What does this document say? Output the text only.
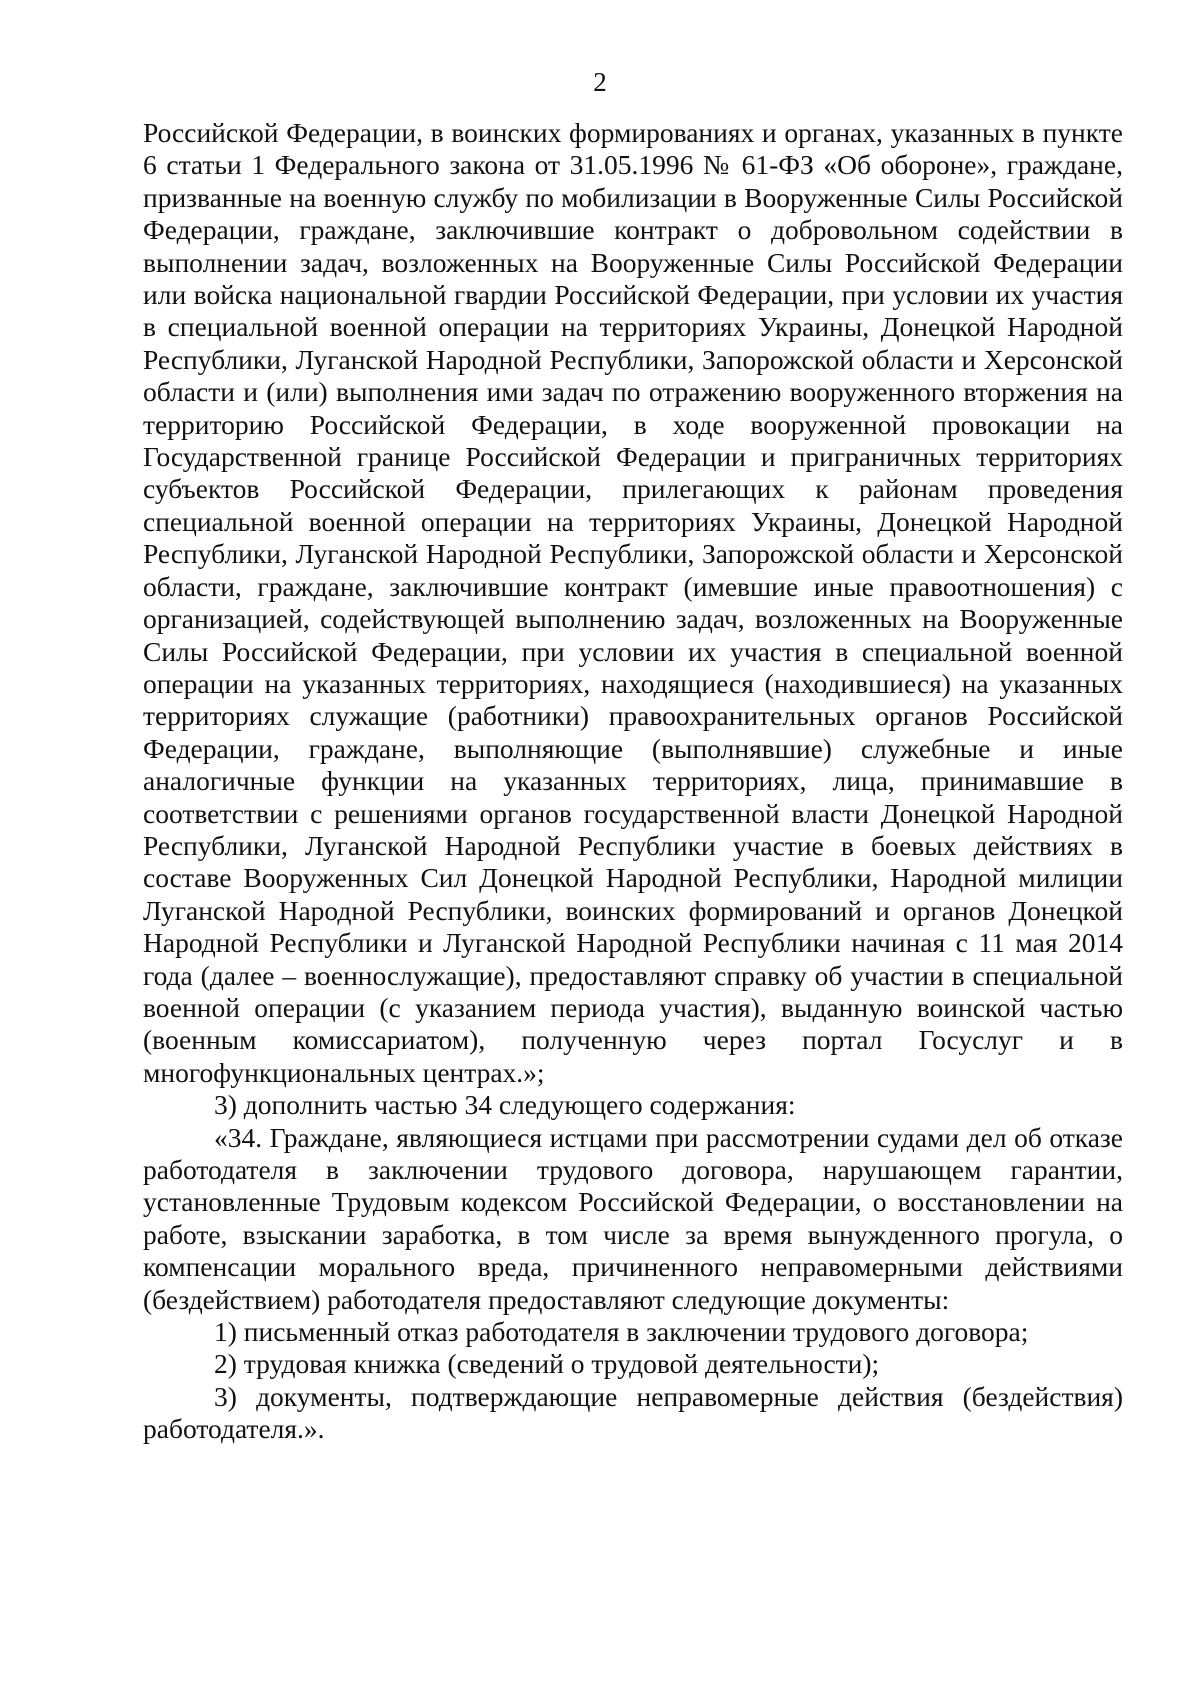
2

Российской Федерации, в воинских формированиях и органах, указанных в пункте 6 статьи 1 Федерального закона от 31.05.1996 № 61-ФЗ «Об обороне», граждане, призванные на военную службу по мобилизации в Вооруженные Силы Российской Федерации, граждане, заключившие контракт о добровольном содействии в выполнении задач, возложенных на Вооруженные Силы Российской Федерации или войска национальной гвардии Российской Федерации, при условии их участия в специальной военной операции на территориях Украины, Донецкой Народной Республики, Луганской Народной Республики, Запорожской области и Херсонской области и (или) выполнения ими задач по отражению вооруженного вторжения на территорию Российской Федерации, в ходе вооруженной провокации на Государственной границе Российской Федерации и приграничных территориях субъектов Российской Федерации, прилегающих к районам проведения специальной военной операции на территориях Украины, Донецкой Народной Республики, Луганской Народной Республики, Запорожской области и Херсонской области, граждане, заключившие контракт (имевшие иные правоотношения) с организацией, содействующей выполнению задач, возложенных на Вооруженные Силы Российской Федерации, при условии их участия в специальной военной операции на указанных территориях, находящиеся (находившиеся) на указанных территориях служащие (работники) правоохранительных органов Российской Федерации, граждане, выполняющие (выполнявшие) служебные и иные аналогичные функции на указанных территориях, лица, принимавшие в соответствии с решениями органов государственной власти Донецкой Народной Республики, Луганской Народной Республики участие в боевых действиях в составе Вооруженных Сил Донецкой Народной Республики, Народной милиции Луганской Народной Республики, воинских формирований и органов Донецкой Народной Республики и Луганской Народной Республики начиная с 11 мая 2014 года (далее – военнослужащие), предоставляют справку об участии в специальной военной операции (с указанием периода участия), выданную воинской частью (военным комиссариатом), полученную через портал Госуслуг и в многофункциональных центрах.»;

3) дополнить частью 34 следующего содержания:

«34. Граждане, являющиеся истцами при рассмотрении судами дел об отказе работодателя в заключении трудового договора, нарушающем гарантии, установленные Трудовым кодексом Российской Федерации, о восстановлении на работе, взыскании заработка, в том числе за время вынужденного прогула, о компенсации морального вреда, причиненного неправомерными действиями (бездействием) работодателя предоставляют следующие документы:

1) письменный отказ работодателя в заключении трудового договора;

2) трудовая книжка (сведений о трудовой деятельности);

3) документы, подтверждающие неправомерные действия (бездействия) работодателя.».
